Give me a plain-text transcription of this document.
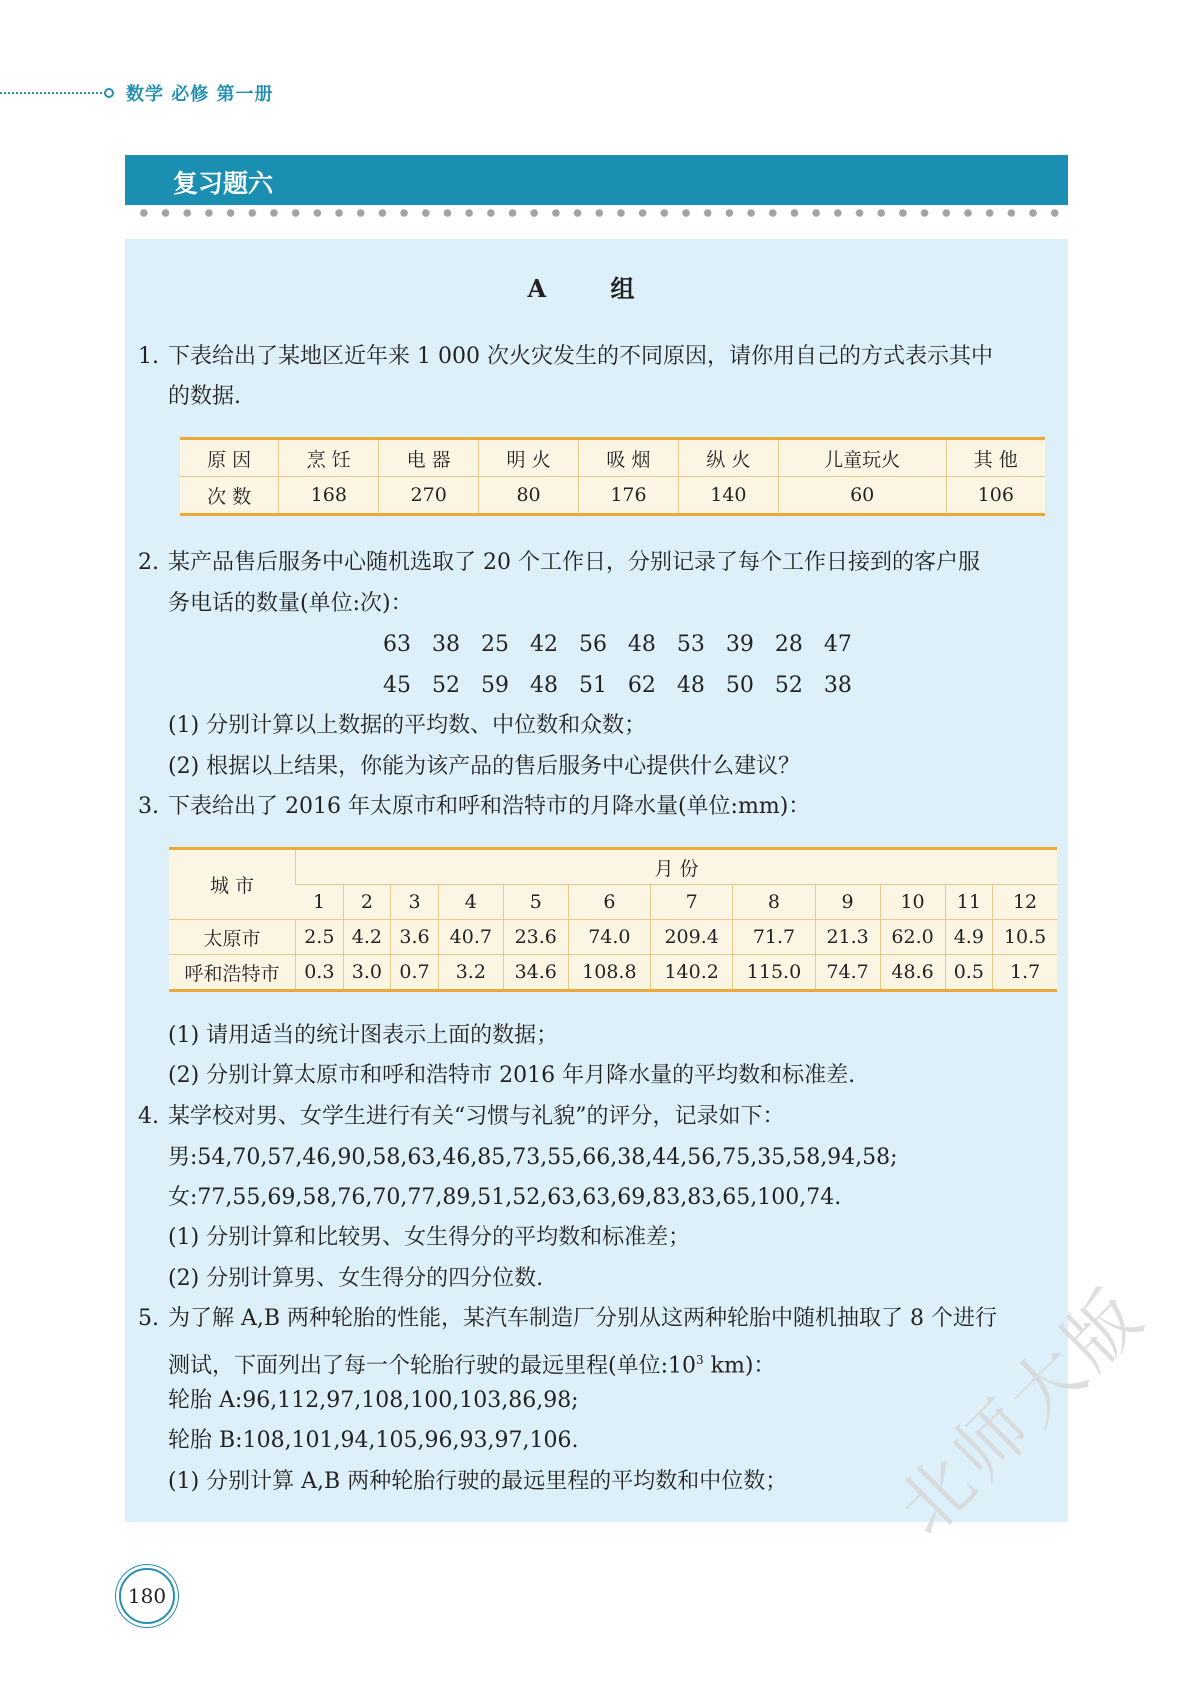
数学 必修 第一册
复习题六
A 组
1. 下表给出了某地区近年来 1 000 次火灾发生的不同原因，请你用自己的方式表示其中
的数据.
原 因	烹 饪	电 器	明 火	吸 烟	纵 火	儿童玩火	其 他
次 数	168	270	80	176	140	60	106
2. 某产品售后服务中心随机选取了 20 个工作日，分别记录了每个工作日接到的客户服
务电话的数量(单位:次)：
63 38 25 42 56 48 53 39 28 47
45 52 59 48 51 62 48 50 52 38
(1) 分别计算以上数据的平均数、中位数和众数；
(2) 根据以上结果，你能为该产品的售后服务中心提供什么建议？
3. 下表给出了 2016 年太原市和呼和浩特市的月降水量(单位:mm)：
城 市	月 份											
	1	2	3	4	5	6	7	8	9	10	11	12
太原市	2.5	4.2	3.6	40.7	23.6	74.0	209.4	71.7	21.3	62.0	4.9	10.5
呼和浩特市	0.3	3.0	0.7	3.2	34.6	108.8	140.2	115.0	74.7	48.6	0.5	1.7
(1) 请用适当的统计图表示上面的数据；
(2) 分别计算太原市和呼和浩特市 2016 年月降水量的平均数和标准差.
4. 某学校对男、女学生进行有关“习惯与礼貌”的评分，记录如下：
男:54,70,57,46,90,58,63,46,85,73,55,66,38,44,56,75,35,58,94,58;
女:77,55,69,58,76,70,77,89,51,52,63,63,69,83,83,65,100,74.
(1) 分别计算和比较男、女生得分的平均数和标准差；
(2) 分别计算男、女生得分的四分位数.
5. 为了解 A,B 两种轮胎的性能，某汽车制造厂分别从这两种轮胎中随机抽取了 8 个进行
测试，下面列出了每一个轮胎行驶的最远里程(单位$:10^3$ km)：
轮胎 A:96,112,97,108,100,103,86,98;
轮胎 B:108,101,94,105,96,93,97,106.
(1) 分别计算 A,B 两种轮胎行驶的最远里程的平均数和中位数；
180
北师大版
